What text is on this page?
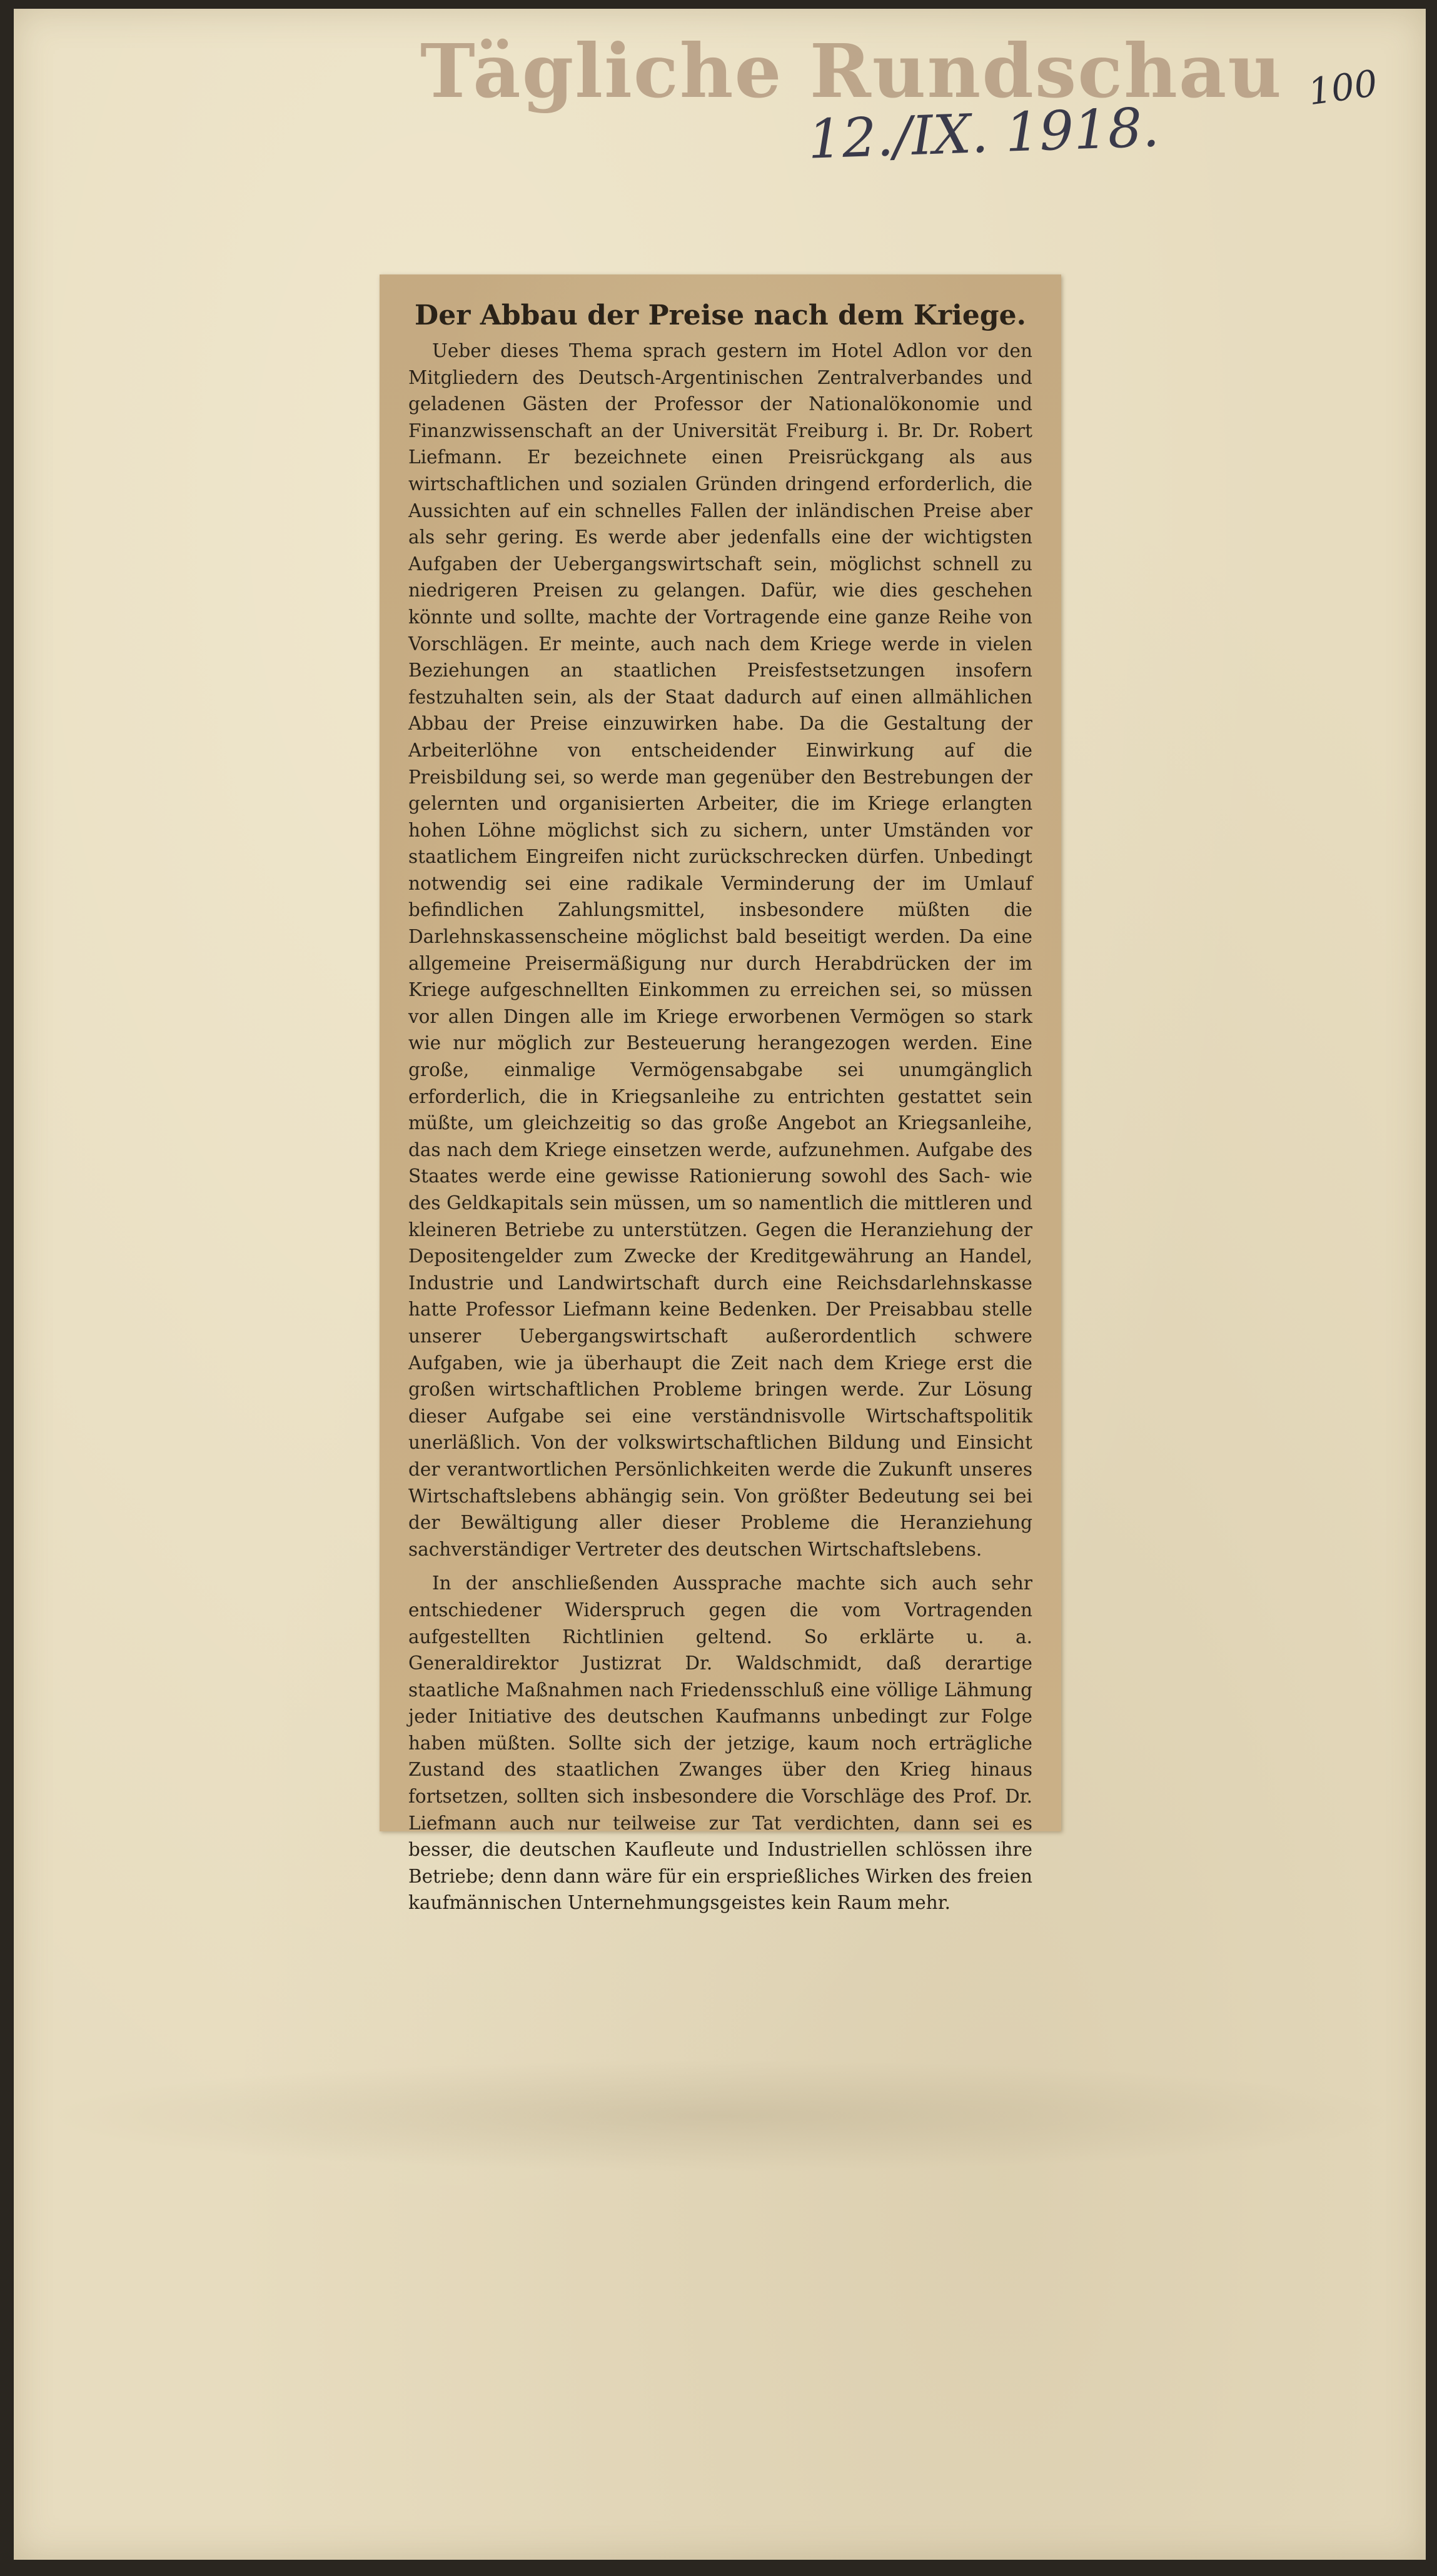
Tägliche Rundschau
12./IX. 1918.
100
Der Abbau der Preise nach dem Kriege.

Ueber dieses Thema sprach gestern im Hotel Adlon vor den Mitgliedern des Deutsch-Argentinischen Zentralverbandes und geladenen Gästen der Professor der Nationalökonomie und Finanzwissenschaft an der Universität Freiburg i. Br. Dr. Robert Liefmann. Er bezeichnete einen Preisrückgang als aus wirtschaftlichen und sozialen Gründen dringend erforderlich, die Aussichten auf ein schnelles Fallen der inländischen Preise aber als sehr gering. Es werde aber jedenfalls eine der wichtigsten Aufgaben der Uebergangswirtschaft sein, möglichst schnell zu niedrigeren Preisen zu gelangen. Dafür, wie dies geschehen könnte und sollte, machte der Vortragende eine ganze Reihe von Vorschlägen. Er meinte, auch nach dem Kriege werde in vielen Beziehungen an staatlichen Preisfestsetzungen insofern festzuhalten sein, als der Staat dadurch auf einen allmählichen Abbau der Preise einzuwirken habe. Da die Gestaltung der Arbeiterlöhne von entscheidender Einwirkung auf die Preisbildung sei, so werde man gegenüber den Bestrebungen der gelernten und organisierten Arbeiter, die im Kriege erlangten hohen Löhne möglichst sich zu sichern, unter Umständen vor staatlichem Eingreifen nicht zurückschrecken dürfen. Unbedingt notwendig sei eine radikale Verminderung der im Umlauf befindlichen Zahlungsmittel, insbesondere müßten die Darlehnskassenscheine möglichst bald beseitigt werden. Da eine allgemeine Preisermäßigung nur durch Herabdrücken der im Kriege aufgeschnellten Einkommen zu erreichen sei, so müssen vor allen Dingen alle im Kriege erworbenen Vermögen so stark wie nur möglich zur Besteuerung herangezogen werden. Eine große, einmalige Vermögensabgabe sei unumgänglich erforderlich, die in Kriegsanleihe zu entrichten gestattet sein müßte, um gleichzeitig so das große Angebot an Kriegsanleihe, das nach dem Kriege einsetzen werde, aufzunehmen. Aufgabe des Staates werde eine gewisse Rationierung sowohl des Sach- wie des Geldkapitals sein müssen, um so namentlich die mittleren und kleineren Betriebe zu unterstützen. Gegen die Heranziehung der Depositengelder zum Zwecke der Kreditgewährung an Handel, Industrie und Landwirtschaft durch eine Reichsdarlehnskasse hatte Professor Liefmann keine Bedenken. Der Preisabbau stelle unserer Uebergangswirtschaft außerordentlich schwere Aufgaben, wie ja überhaupt die Zeit nach dem Kriege erst die großen wirtschaftlichen Probleme bringen werde. Zur Lösung dieser Aufgabe sei eine verständnisvolle Wirtschaftspolitik unerläßlich. Von der volkswirtschaftlichen Bildung und Einsicht der verantwortlichen Persönlichkeiten werde die Zukunft unseres Wirtschaftslebens abhängig sein. Von größter Bedeutung sei bei der Bewältigung aller dieser Probleme die Heranziehung sachverständiger Vertreter des deutschen Wirtschaftslebens.

In der anschließenden Aussprache machte sich auch sehr entschiedener Widerspruch gegen die vom Vortragenden aufgestellten Richtlinien geltend. So erklärte u. a. Generaldirektor Justizrat Dr. Waldschmidt, daß derartige staatliche Maßnahmen nach Friedensschluß eine völlige Lähmung jeder Initiative des deutschen Kaufmanns unbedingt zur Folge haben müßten. Sollte sich der jetzige, kaum noch erträgliche Zustand des staatlichen Zwanges über den Krieg hinaus fortsetzen, sollten sich insbesondere die Vorschläge des Prof. Dr. Liefmann auch nur teilweise zur Tat verdichten, dann sei es besser, die deutschen Kaufleute und Industriellen schlössen ihre Betriebe; denn dann wäre für ein ersprießliches Wirken des freien kaufmännischen Unternehmungsgeistes kein Raum mehr.
